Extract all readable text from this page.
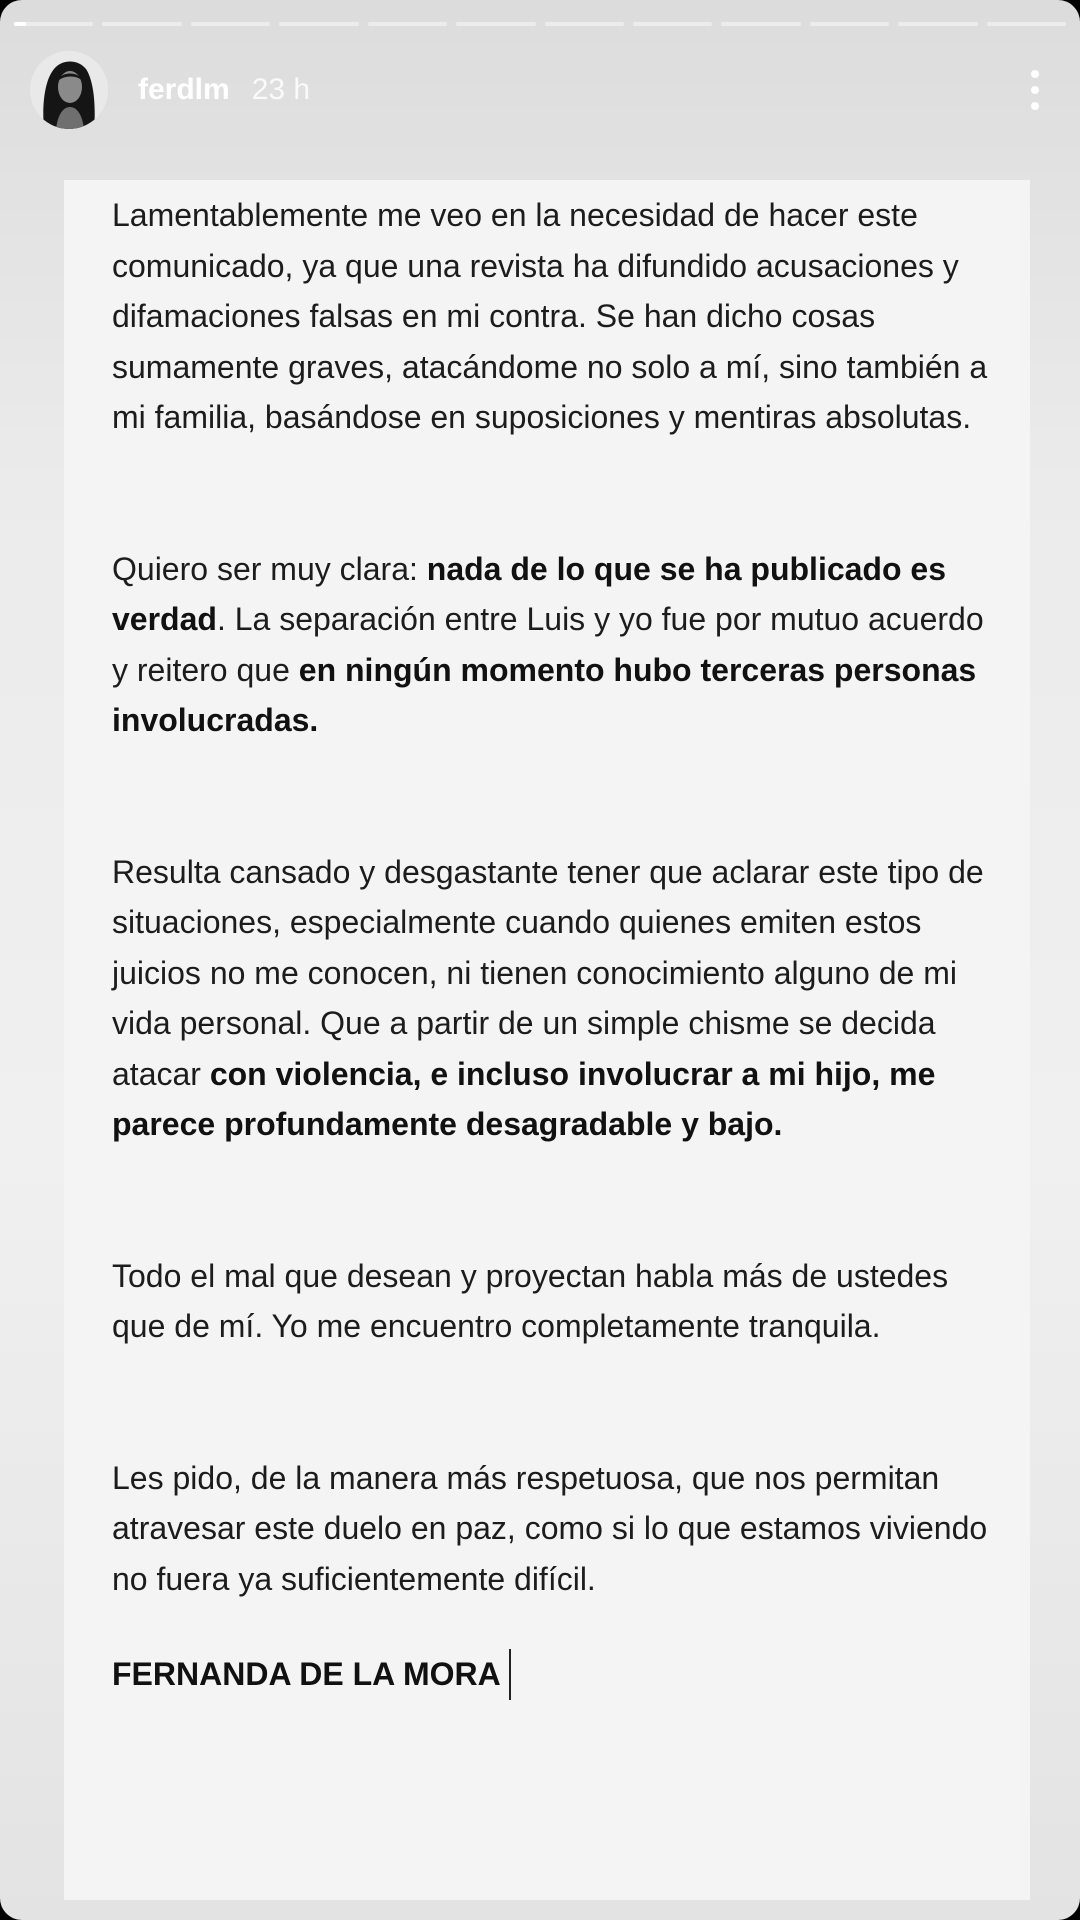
ferdlm 23 h

Lamentablemente me veo en la necesidad de hacer este comunicado, ya que una revista ha difundido acusaciones y difamaciones falsas en mi contra. Se han dicho cosas sumamente graves, atacándome no solo a mí, sino también a mi familia, basándose en suposiciones y mentiras absolutas.

Quiero ser muy clara: nada de lo que se ha publicado es verdad. La separación entre Luis y yo fue por mutuo acuerdo y reitero que en ningún momento hubo terceras personas involucradas.

Resulta cansado y desgastante tener que aclarar este tipo de situaciones, especialmente cuando quienes emiten estos juicios no me conocen, ni tienen conocimiento alguno de mi vida personal. Que a partir de un simple chisme se decida atacar con violencia, e incluso involucrar a mi hijo, me parece profundamente desagradable y bajo.

Todo el mal que desean y proyectan habla más de ustedes que de mí. Yo me encuentro completamente tranquila.

Les pido, de la manera más respetuosa, que nos permitan atravesar este duelo en paz, como si lo que estamos viviendo no fuera ya suficientemente difícil.

FERNANDA DE LA MORA
